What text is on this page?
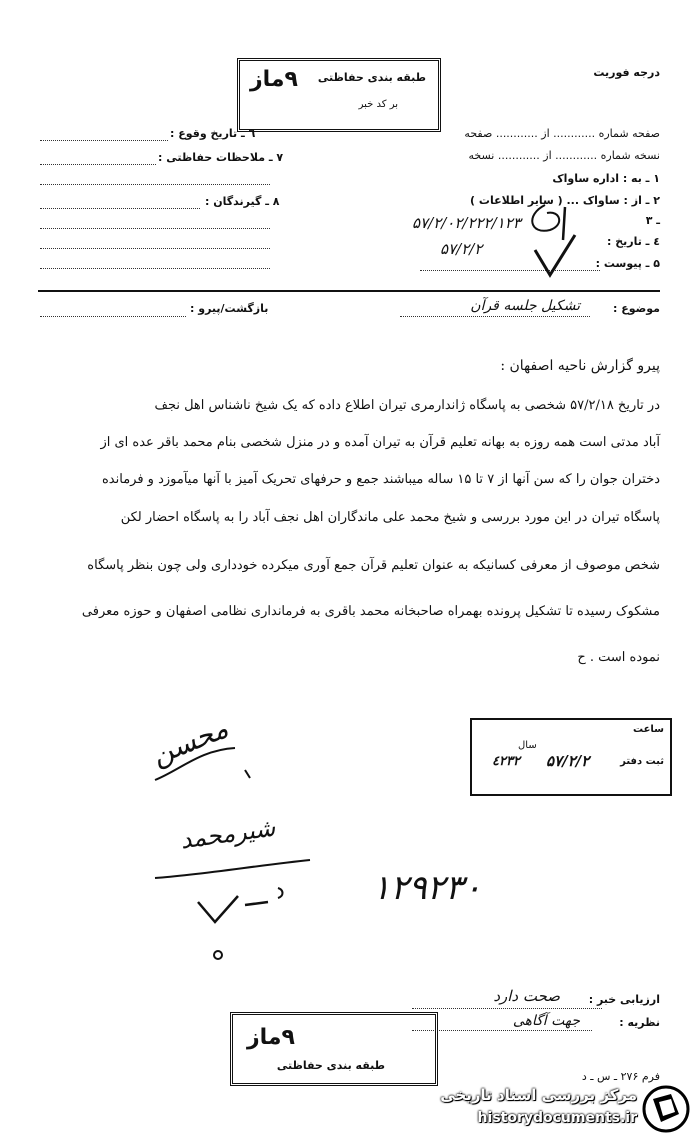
۹ماز طبقه بندی حفاظتی
بر کد خبر
درجه فوریت
٦ ـ تاریخ وقوع :
۷ ـ ملاحظات حفاظتی :
٨ ـ گیرندگان :
صفحه شماره ............ از ............ صفحه
نسخه شماره ............ از ............ نسخه
۱ ـ به : اداره ساواک
۲ ـ از : ساواک ... ( سایر اطلاعات )
۳ ـ
۵۷/۲/۰۲/۲۲۲/۱۲۳
٤ ـ تاریخ :
۵۷/۲/۲
۵ ـ پیوست :
موضوع :
تشکیل جلسه قرآن
بازگشت/پیرو :
پیرو گزارش ناحیه اصفهان :
در تاریخ ۵۷/۲/۱۸ شخصی به پاسگاه ژاندارمری تیران اطلاع داده که یک شیخ ناشناس اهل نجف
آباد مدتی است همه روزه به بهانه تعلیم قرآن به تیران آمده و در منزل شخصی بنام محمد باقر عده ای از
دختران جوان را که سن آنها از ۷ تا ۱۵ ساله میباشند جمع و حرفهای تحریک آمیز با آنها میآموزد و فرمانده
پاسگاه تیران در این مورد بررسی و شیخ محمد علی ماندگاران اهل نجف آباد را به پاسگاه احضار لکن
شخص موصوف از معرفی کسانیکه به عنوان تعلیم قرآن جمع آوری میکرده خودداری ولی چون بنظر پاسگاه
مشکوک رسیده تا تشکیل پرونده بهمراه صاحبخانه محمد باقری به فرمانداری نظامی اصفهان و حوزه معرفی
نموده است . ح
ساعت
سال
ثبت دفتر
۵۷/۲/۲
٤٢٣٢
محسن
شیرمحمد
۱۲۹۲۳۰
ارزیابی خبر :
صحت دارد
نظریه :
جهت آگاهی
۹ماز
طبقه بندی حفاظتی
فرم ۲۷۶ ـ س ـ د
مرکز بررسی اسناد تاریخی
historydocuments.ir
